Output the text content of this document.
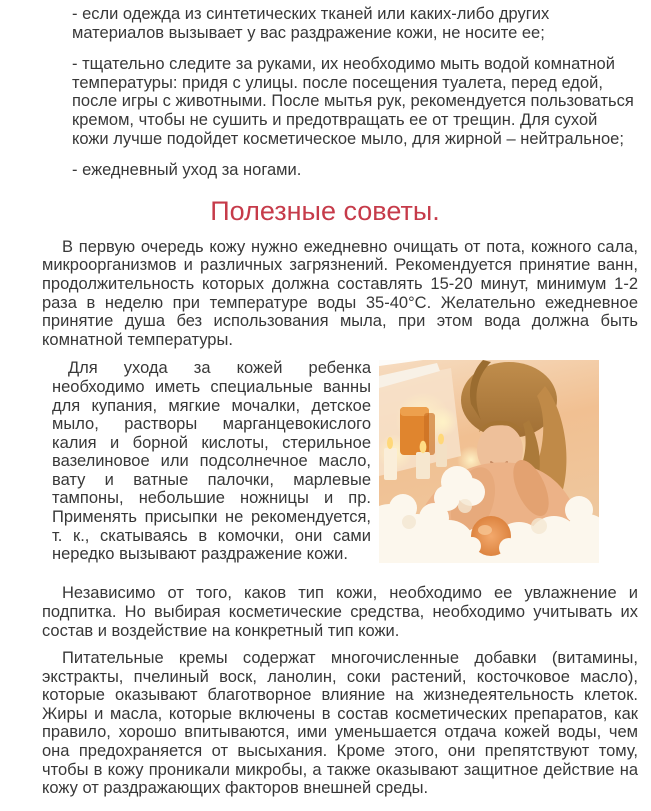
- если одежда из синтетических тканей или каких-либо других материалов вызывает у вас раздражение кожи, не носите ее;

- тщательно следите за руками, их необходимо мыть водой комнатной температуры: придя с улицы. после посещения туалета, перед едой, после игры с животными. После мытья рук, рекомендуется пользоваться кремом, чтобы не сушить и предотвращать ее от трещин. Для сухой кожи лучше подойдет косметическое мыло, для жирной – нейтральное;

- ежедневный уход за ногами.

Полезные советы.

В первую очередь кожу нужно ежедневно очищать от пота, кожного сала, микроорганизмов и различных загрязнений. Рекомендуется принятие ванн, продолжительность которых должна составлять 15-20 минут, минимум 1-2 раза в неделю при температуре воды 35-40°С. Желательно ежедневное принятие душа без использования мыла, при этом вода должна быть комнатной температуры.

Для ухода за кожей ребенка необходимо иметь специальные ванны для купания, мягкие мочалки, детское мыло, растворы марганцевокислого калия и борной кислоты, стерильное вазелиновое или подсолнечное масло, вату и ватные палочки, марлевые тампоны, небольшие ножницы и пр. Применять присыпки не рекомендуется, т. к., скатываясь в комочки, они сами нередко вызывают раздражение кожи.

Независимо от того, каков тип кожи, необходимо ее увлажнение и подпитка. Но выбирая косметические средства, необходимо учитывать их состав и воздействие на конкретный тип кожи.

Питательные кремы содержат многочисленные добавки (витамины, экстракты, пчелиный воск, ланолин, соки растений, косточковое масло), которые оказывают благотворное влияние на жизнедеятельность клеток. Жиры и масла, которые включены в состав косметических препаратов, как правило, хорошо впитываются, ими уменьшается отдача кожей воды, чем она предохраняется от высыхания. Кроме этого, они препятствуют тому, чтобы в кожу проникали микробы, а также оказывают защитное действие на кожу от раздражающих факторов внешней среды.
